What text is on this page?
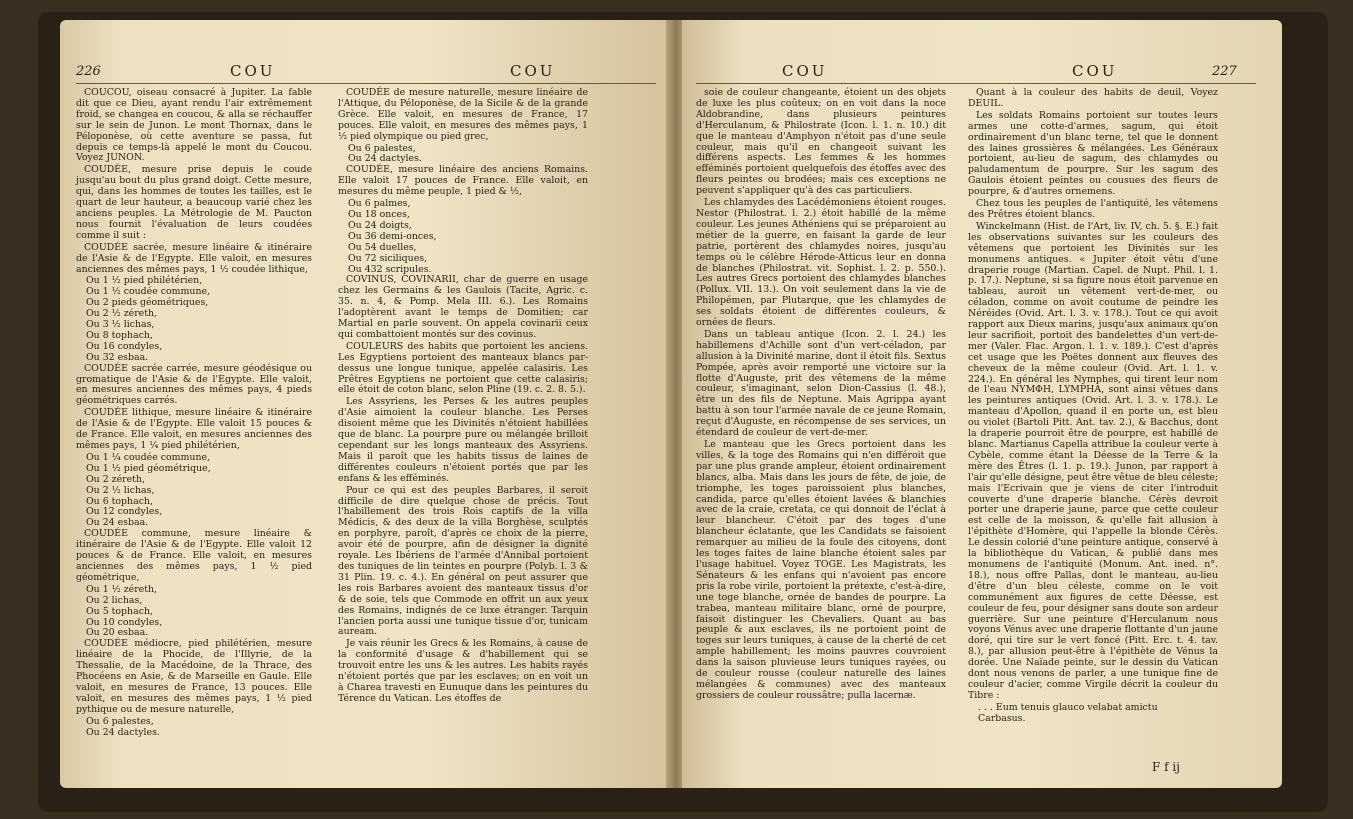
226	COU	COU

COUCOU, oiseau consacré à Jupiter. La fable dit que ce Dieu, ayant rendu l'air extrêmement froid, se changea en coucou, & alla se réchauffer sur le sein de Junon. Le mont Thornax, dans le Péloponèse, où cette aventure se passa, fut depuis ce temps-là appelé le mont du Coucou. Voyez JUNON.

COUDÉE, mesure prise depuis le coude jusqu'au bout du plus grand doigt. Cette mesure, qui, dans les hommes de toutes les tailles, est le quart de leur hauteur, a beaucoup varié chez les anciens peuples. La Métrologie de M. Paucton nous fournit l'évaluation de leurs coudées comme il suit :

COUDÉE sacrée, mesure linéaire & itinéraire de l'Asie & de l'Egypte. Elle valoit, en mesures anciennes des mêmes pays, 1 ½ coudée lithique,

Ou 1 ½ pied philétérien,

Ou 1 ½ coudée commune,

Ou 2 pieds géométriques,

Ou 2 ½ zéreth,

Ou 3 ½ lichas,

Ou 8 tophach,

Ou 16 condyles,

Ou 32 esbaa.

COUDÉE sacrée carrée, mesure géodésique ou gromatique de l'Asie & de l'Egypte. Elle valoit, en mesures anciennes des mêmes pays, 4 pieds géométriques carrés.

COUDÉE lithique, mesure linéaire & itinéraire de l'Asie & de l'Egypte. Elle valoit 15 pouces & de France. Elle valoit, en mesures anciennes des mêmes pays, 1 ¼ pied philétérien,

Ou 1 ¼ coudée commune,

Ou 1 ½ pied géométrique,

Ou 2 zéreth,

Ou 2 ½ lichas,

Ou 6 tophach,

Ou 12 condyles,

Ou 24 esbaa.

COUDÉE commune, mesure linéaire & itinéraire de l'Asie & de l'Egypte. Elle valoit 12 pouces & de France. Elle valoit, en mesures anciennes des mêmes pays, 1 ½ pied géométrique,

Ou 1 ½ zéreth,

Ou 2 lichas,

Ou 5 tophach,

Ou 10 condyles,

Ou 20 esbaa.

COUDÉE médiocre, pied philétérien, mesure linéaire de la Phocide, de l'Illyrie, de la Thessalie, de la Macédoine, de la Thrace, des Phocéens en Asie, & de Marseille en Gaule. Elle valoit, en mesures de France, 13 pouces. Elle valoit, en mesures des mêmes pays, 1 ½ pied pythique ou de mesure naturelle,

Ou 6 palestes,

Ou 24 dactyles.

COUDÉE de mesure naturelle, mesure linéaire de l'Attique, du Péloponèse, de la Sicile & de la grande Grèce. Elle valoit, en mesures de France, 17 pouces. Elle valoit, en mesures des mêmes pays, 1 ½ pied olympique ou pied grec,

Ou 6 palestes,

Ou 24 dactyles.

COUDÉE, mesure linéaire des anciens Romains. Elle valoit 17 pouces de France. Elle valoit, en mesures du même peuple, 1 pied & ½,

Ou 6 palmes,

Ou 18 onces,

Ou 24 doigts,

Ou 36 demi-onces,

Ou 54 duelles,

Ou 72 siciliques,

Ou 432 scripules.

COVINUS, COVINARII, char de guerre en usage chez les Germains & les Gaulois (Tacite, Agric. c. 35. n. 4, & Pomp. Mela III. 6.). Les Romains l'adoptèrent avant le temps de Domitien; car Martial en parle souvent. On appela covinarii ceux qui combattoient montés sur des covinus.

COULEURS des habits que portoient les anciens. Les Egyptiens portoient des manteaux blancs par-dessus une longue tunique, appelée calasiris. Les Prêtres Egyptiens ne portoient que cette calasiris; elle étoit de coton blanc, selon Pline (19. c. 2. 8. 5.).

Les Assyriens, les Perses & les autres peuples d'Asie aimoient la couleur blanche. Les Perses disoient même que les Divinités n'étoient habillées que de blanc. La pourpre pure ou mélangée brilloit cependant sur les longs manteaux des Assyriens. Mais il paroît que les habits tissus de laines de différentes couleurs n'étoient portés que par les enfans & les efféminés.

Pour ce qui est des peuples Barbares, il seroit difficile de dire quelque chose de précis. Tout l'habillement des trois Rois captifs de la villa Médicis, & des deux de la villa Borghèse, sculptés en porphyre, paroît, d'après ce choix de la pierre, avoir été de pourpre, afin de désigner la dignité royale. Les Ibériens de l'armée d'Annibal portoient des tuniques de lin teintes en pourpre (Polyb. l. 3 & 31 Plin. 19. c. 4.). En général on peut assurer que les rois Barbares avoient des manteaux tissus d'or & de soie, tels que Commode en offrit un aux yeux des Romains, indignés de ce luxe étranger. Tarquin l'ancien porta aussi une tunique tissue d'or, tunicam auream.

Je vais réunir les Grecs & les Romains, à cause de la conformité d'usage & d'habillement qui se trouvoit entre les uns & les autres. Les habits rayés n'étoient portés que par les esclaves; on en voit un à Charea travesti en Eunuque dans les peintures du Térence du Vatican. Les étoffes de

COU	COU	227

soie de couleur changeante, étoient un des objets de luxe les plus coûteux; on en voit dans la noce Aldobrandine, dans plusieurs peintures d'Herculanum, & Philostrate (Icon. l. 1. n. 10.) dit que le manteau d'Amphyon n'étoit pas d'une seule couleur, mais qu'il en changeoit suivant les différens aspects. Les femmes & les hommes efféminés portoient quelquefois des étoffes avec des fleurs peintes ou brodées; mais ces exceptions ne peuvent s'appliquer qu'à des cas particuliers.

Les chlamydes des Lacédémoniens étoient rouges. Nestor (Philostrat. l. 2.) étoit habillé de la même couleur. Les jeunes Athéniens qui se préparoient au métier de la guerre, en faisant la garde de leur patrie, portèrent des chlamydes noires, jusqu'au temps où le célèbre Hérode-Atticus leur en donna de blanches (Philostrat. vit. Sophist. l. 2. p. 550.). Les autres Grecs portoient des chlamydes blanches (Pollux. VII. 13.). On voit seulement dans la vie de Philopémen, par Plutarque, que les chlamydes de ses soldats étoient de différentes couleurs, & ornées de fleurs.

Dans un tableau antique (Icon. 2. l. 24.) les habillemens d'Achille sont d'un vert-céladon, par allusion à la Divinité marine, dont il étoit fils. Sextus Pompée, après avoir remporté une victoire sur la flotte d'Auguste, prit des vêtemens de la même couleur, s'imaginant, selon Dion-Cassius (l. 48.), être un des fils de Neptune. Mais Agrippa ayant battu à son tour l'armée navale de ce jeune Romain, reçut d'Auguste, en récompense de ses services, un étendard de couleur de vert-de-mer.

Le manteau que les Grecs portoient dans les villes, & la toge des Romains qui n'en différoit que par une plus grande ampleur, étoient ordinairement blancs, alba. Mais dans les jours de fête, de joie, de triomphe, les toges paroissoient plus blanches, candida, parce qu'elles étoient lavées & blanchies avec de la craie, cretata, ce qui donnoit de l'éclat à leur blancheur. C'étoit par des toges d'une blancheur éclatante, que les Candidats se faisoient remarquer au milieu de la foule des citoyens, dont les toges faites de laine blanche étoient sales par l'usage habituel. Voyez TOGE. Les Magistrats, les Sénateurs & les enfans qui n'avoient pas encore pris la robe virile, portoient la prétexte, c'est-à-dire, une toge blanche, ornée de bandes de pourpre. La trabea, manteau militaire blanc, orné de pourpre, faisoit distinguer les Chevaliers. Quant au bas peuple & aux esclaves, ils ne portoient point de toges sur leurs tuniques, à cause de la cherté de cet ample habillement; les moins pauvres couvroient dans la saison pluvieuse leurs tuniques rayées, ou de couleur rousse (couleur naturelle des laines mélangées & communes) avec des manteaux grossiers de couleur roussâtre; pulla lacernæ.

Quant à la couleur des habits de deuil, Voyez DEUIL.

Les soldats Romains portoient sur toutes leurs armes une cotte-d'armes, sagum, qui étoit ordinairement d'un blanc terne, tel que le donnent des laines grossières & mélangées. Les Généraux portoient, au-lieu de sagum, des chlamydes ou paludamentum de pourpre. Sur les sagum des Gaulois étoient peintes ou cousues des fleurs de pourpre, & d'autres ornemens.

Chez tous les peuples de l'antiquité, les vêtemens des Prêtres étoient blancs.

Winckelmann (Hist. de l'Art, liv. IV, ch. 5. §. E.) fait les observations suivantes sur les couleurs des vêtemens que portoient les Divinités sur les monumens antiques. « Jupiter étoit vêtu d'une draperie rouge (Martian. Capel. de Nupt. Phil. l. 1. p. 17.). Neptune, si sa figure nous étoit parvenue en tableau, auroit un vêtement vert-de-mer, ou céladon, comme on avoit coutume de peindre les Néréides (Ovid. Art. l. 3. v. 178.). Tout ce qui avoit rapport aux Dieux marins, jusqu'aux animaux qu'on leur sacrifioit, portoit des bandelettes d'un vert-de-mer (Valer. Flac. Argon. l. 1. v. 189.). C'est d'après cet usage que les Poëtes donnent aux fleuves des cheveux de la même couleur (Ovid. Art. l. 1. v. 224.). En général les Nymphes, qui tirent leur nom de l'eau ΝΥΜΦΗ, LYMPHA, sont ainsi vêtues dans les peintures antiques (Ovid. Art. l. 3. v. 178.). Le manteau d'Apollon, quand il en porte un, est bleu ou violet (Bartoli Pitt. Ant. tav. 2.), & Bacchus, dont la draperie pourroit être de pourpre, est habillé de blanc. Martianus Capella attribue la couleur verte à Cybèle, comme étant la Déesse de la Terre & la mère des Êtres (l. 1. p. 19.). Junon, par rapport à l'air qu'elle désigne, peut être vêtue de bleu céleste; mais l'Ecrivain que je viens de citer l'introduit couverte d'une draperie blanche. Cérès devroit porter une draperie jaune, parce que cette couleur est celle de la moisson, & qu'elle fait allusion à l'épithète d'Homère, qui l'appelle la blonde Cérès. Le dessin colorié d'une peinture antique, conservé à la bibliothèque du Vatican, & publié dans mes monumens de l'antiquité (Monum. Ant. ined. n°. 18.), nous offre Pallas, dont le manteau, au-lieu d'être d'un bleu céleste, comme on le voit communément aux figures de cette Déesse, est couleur de feu, pour désigner sans doute son ardeur guerrière. Sur une peinture d'Herculanum nous voyons Vénus avec une draperie flottante d'un jaune doré, qui tire sur le vert foncé (Pitt. Erc. t. 4. tav. 8.), par allusion peut-être à l'épithète de Vénus la dorée. Une Naïade peinte, sur le dessin du Vatican dont nous venons de parler, a une tunique fine de couleur d'acier, comme Virgile décrit la couleur du Tibre :

. . . Eum tenuis glauco velabat amictu

Carbasus.

F f ij
